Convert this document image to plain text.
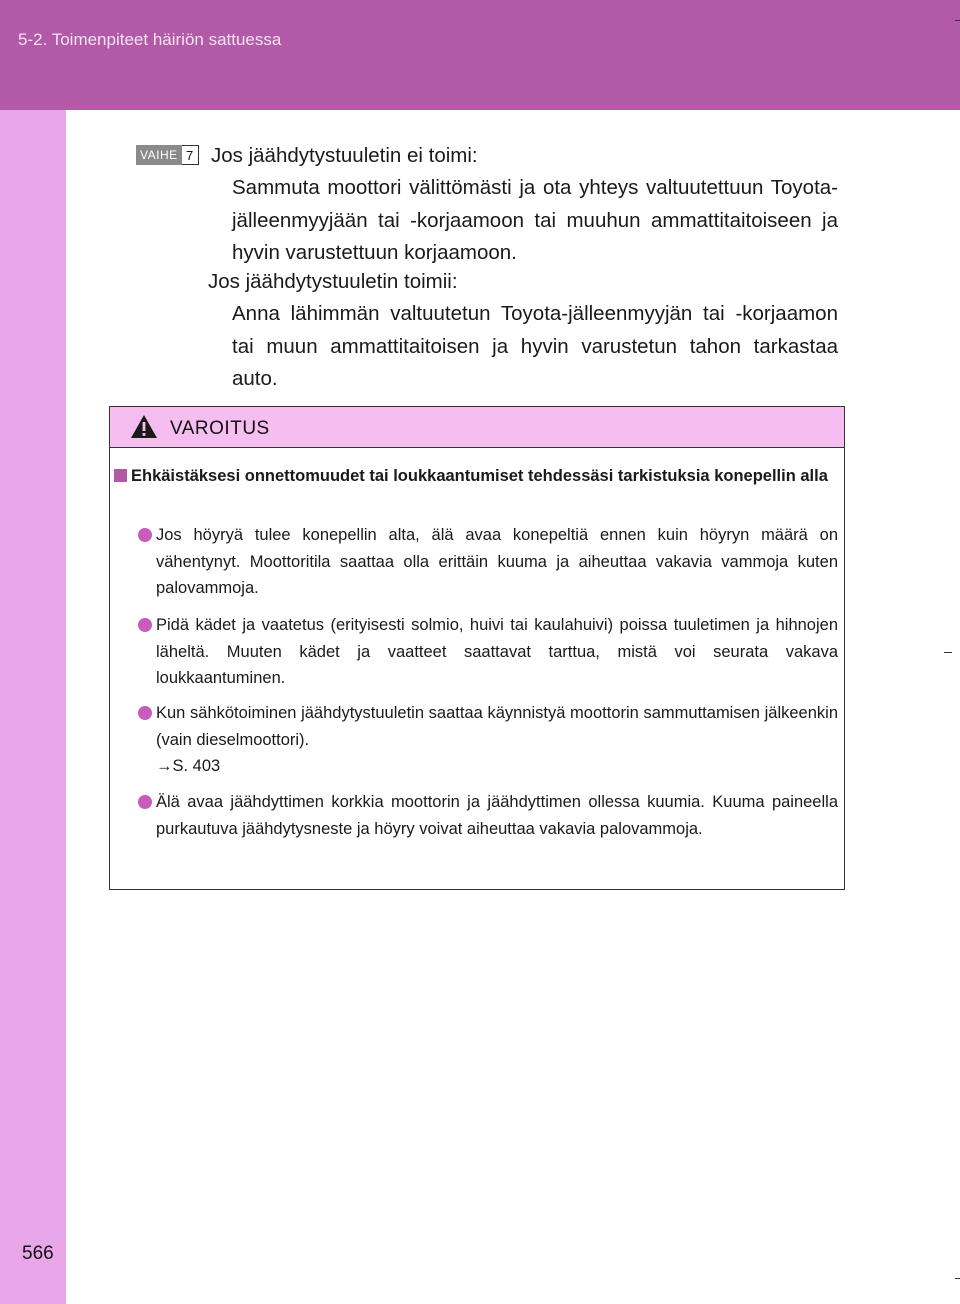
5-2. Toimenpiteet häiriön sattuessa
VAIHE 7 Jos jäähdytystuuletin ei toimi:
Sammuta moottori välittömästi ja ota yhteys valtuutettuun Toyota-jälleenmyyjään tai -korjaamoon tai muuhun ammattitaitoiseen ja hyvin varustettuun korjaamoon.
Jos jäähdytystuuletin toimii:
Anna lähimmän valtuutetun Toyota-jälleenmyyjän tai -korjaamon tai muun ammattitaitoisen ja hyvin varustetun tahon tarkastaa auto.
VAROITUS
Ehkäistäksesi onnettomuudet tai loukkaantumiset tehdessäsi tarkistuksia konepellin alla
Jos höyryä tulee konepellin alta, älä avaa konepeltiä ennen kuin höyryn määrä on vähentynyt. Moottoritila saattaa olla erittäin kuuma ja aiheuttaa vakavia vammoja kuten palovammoja.
Pidä kädet ja vaatetus (erityisesti solmio, huivi tai kaulahuivi) poissa tuuletimen ja hihnojen läheltä. Muuten kädet ja vaatteet saattavat tarttua, mistä voi seurata vakava loukkaantuminen.
Kun sähkötoiminen jäähdytystuuletin saattaa käynnistyä moottorin sammuttamisen jälkeenkin (vain dieselmoottori).
→S. 403
Älä avaa jäähdyttimen korkkia moottorin ja jäähdyttimen ollessa kuumia. Kuuma paineella purkautuva jäähdytysneste ja höyry voivat aiheuttaa vakavia palovammoja.
566
